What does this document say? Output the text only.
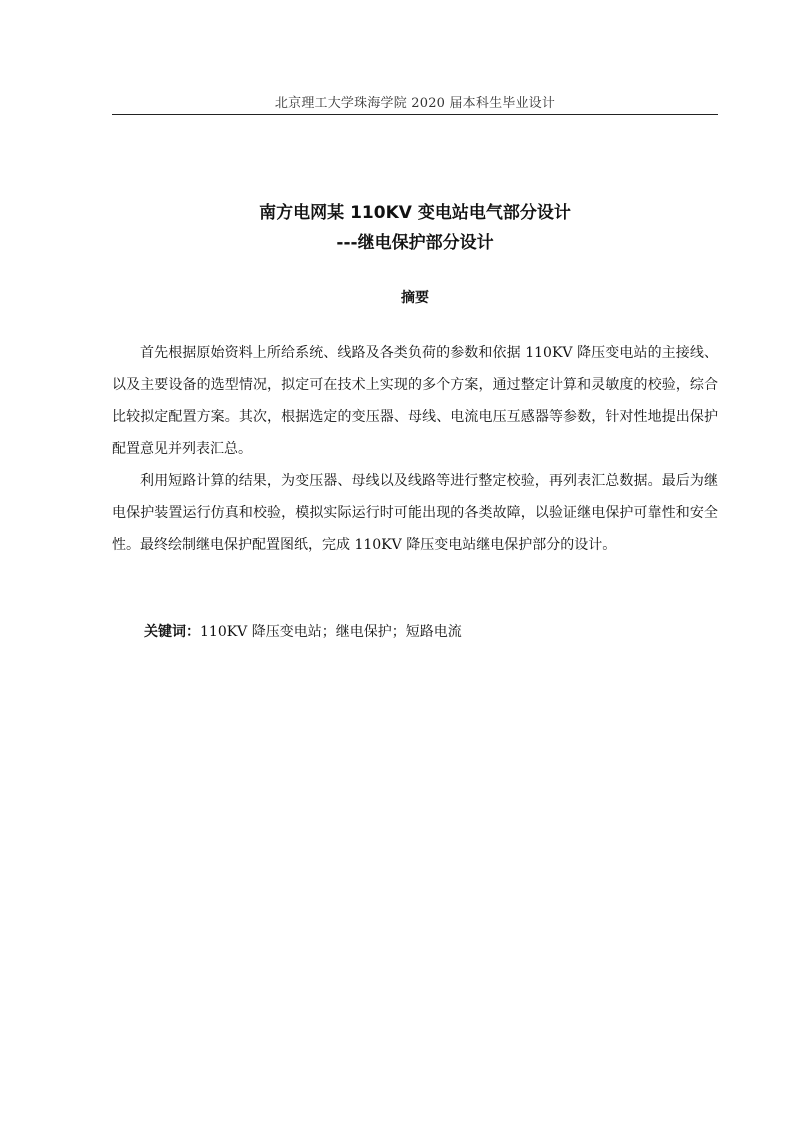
北京理工大学珠海学院 2020 届本科生毕业设计
南方电网某 110KV 变电站电气部分设计
---继电保护部分设计
摘要

首先根据原始资料上所给系统、线路及各类负荷的参数和依据 110KV 降压变电站的主接线、以及主要设备的选型情况，拟定可在技术上实现的多个方案，通过整定计算和灵敏度的校验，综合比较拟定配置方案。其次，根据选定的变压器、母线、电流电压互感器等参数，针对性地提出保护配置意见并列表汇总。

利用短路计算的结果，为变压器、母线以及线路等进行整定校验，再列表汇总数据。最后为继电保护装置运行仿真和校验，模拟实际运行时可能出现的各类故障，以验证继电保护可靠性和安全性。最终绘制继电保护配置图纸，完成 110KV 降压变电站继电保护部分的设计。

关键词：110KV 降压变电站；继电保护；短路电流
